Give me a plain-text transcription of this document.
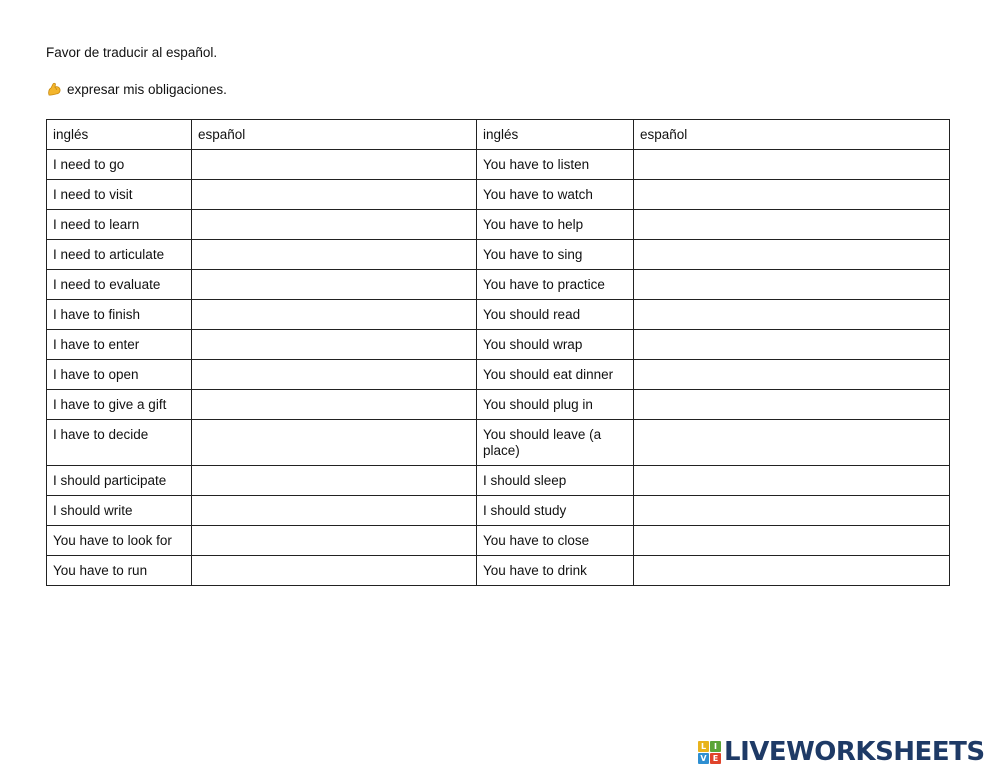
Favor de traducir al español.

expresar mis obligaciones.

inglés	español	inglés	español
I need to go		You have to listen	
I need to visit		You have to watch	
I need to learn		You have to help	
I need to articulate		You have to sing	
I need to evaluate		You have to practice	
I have to finish		You should read	
I have to enter		You should wrap	
I have to open		You should eat dinner	
I have to give a gift		You should plug in	
I have to decide		You should leave (a place)	
I should participate		I should sleep	
I should write		I should study	
You have to look for		You have to close	
You have to run		You have to drink	
L I
V E LIVEWORKSHEETS
